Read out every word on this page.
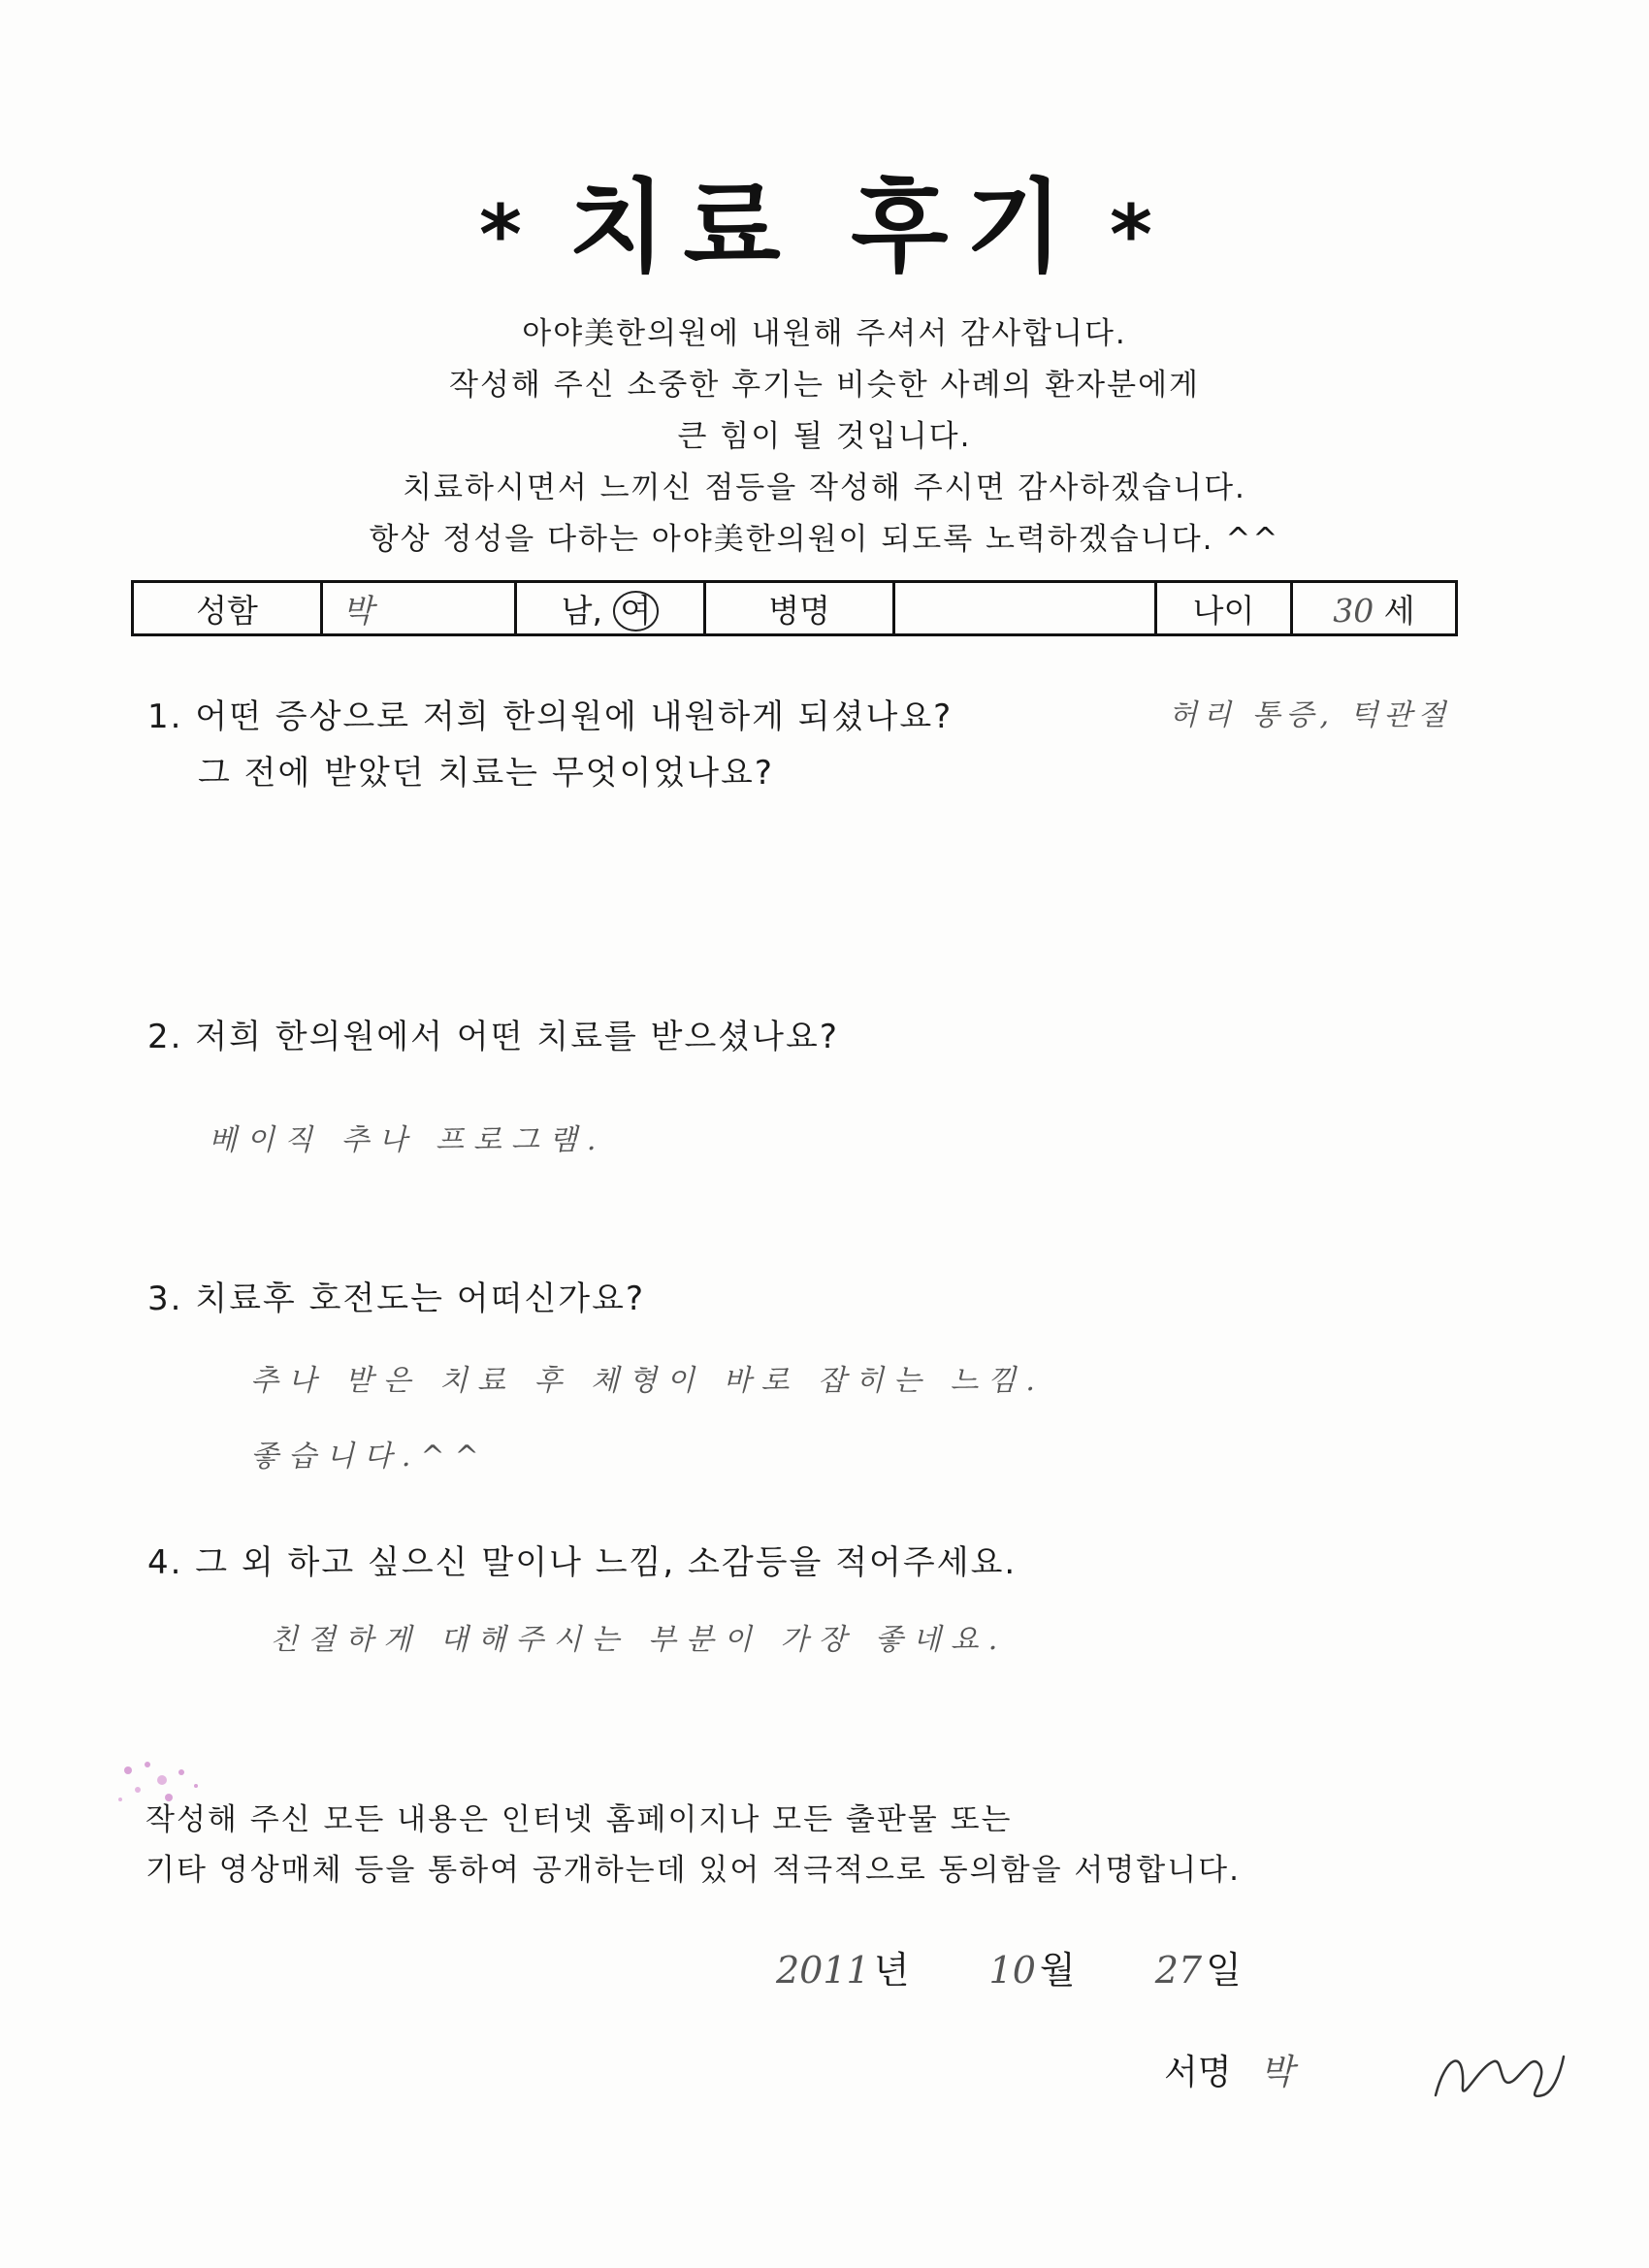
* 치료 후기 *
아야美한의원에 내원해 주셔서 감사합니다.
작성해 주신 소중한 후기는 비슷한 사례의 환자분에게
큰 힘이 될 것입니다.
치료하시면서 느끼신 점등을 작성해 주시면 감사하겠습니다.
항상 정성을 다하는 아야美한의원이 되도록 노력하겠습니다. ^^
성함	박	남, 여	병명		나이	30 세
1. 어떤 증상으로 저희 한의원에 내원하게 되셨나요?
그 전에 받았던 치료는 무엇이었나요?
허리 통증, 턱관절
2. 저희 한의원에서 어떤 치료를 받으셨나요?
베이직 추나 프로그램.
3. 치료후 호전도는 어떠신가요?
추나 받은 치료 후 체형이 바로 잡히는 느낌.
좋습니다.^^
4. 그 외 하고 싶으신 말이나 느낌, 소감등을 적어주세요.
친절하게 대해주시는 부분이 가장 좋네요.
작성해 주신 모든 내용은 인터넷 홈페이지나 모든 출판물 또는
기타 영상매체 등을 통하여 공개하는데 있어 적극적으로 동의함을 서명합니다.
2011 년 10 월 27 일
서명 박
